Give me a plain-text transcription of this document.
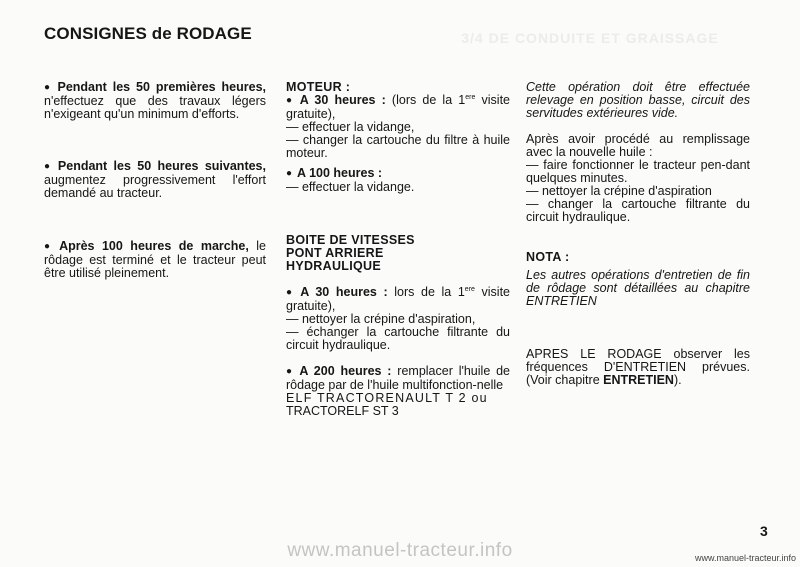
3/4 DE CONDUITE ET GRAISSAGE
CONSIGNES de RODAGE

● Pendant les 50 premières heures, n'effectuez que des travaux légers n'exigeant qu'un minimum d'efforts.

● Pendant les 50 heures suivantes, augmentez progressivement l'effort demandé au tracteur.

● Après 100 heures de marche, le rôdage est terminé et le tracteur peut être utilisé pleinement.

MOTEUR :

● A 30 heures : (lors de la 1ere visite gratuite),

— effectuer la vidange,

— changer la cartouche du filtre à huile moteur.

● A 100 heures :

— effectuer la vidange.

BOITE DE VITESSES

PONT ARRIERE

HYDRAULIQUE

● A 30 heures : lors de la 1ere visite gratuite),

— nettoyer la crépine d'aspiration,

— échanger la cartouche filtrante du circuit hydraulique.

● A 200 heures : remplacer l'huile de rôdage par de l'huile multifonction-nelle

ELF TRACTORENAULT T 2 ou

TRACTORELF ST 3

Cette opération doit être effectuée relevage en position basse, circuit des servitudes extérieures vide.

Après avoir procédé au remplissage avec la nouvelle huile :

— faire fonctionner le tracteur pen-dant quelques minutes.

— nettoyer la crépine d'aspiration

— changer la cartouche filtrante du circuit hydraulique.

NOTA :

Les autres opérations d'entretien de fin de rôdage sont détaillées au chapitre ENTRETIEN

APRES LE RODAGE observer les fréquences D'ENTRETIEN prévues. (Voir chapitre ENTRETIEN).

3
www.manuel-tracteur.info	www.manuel-tracteur.info
